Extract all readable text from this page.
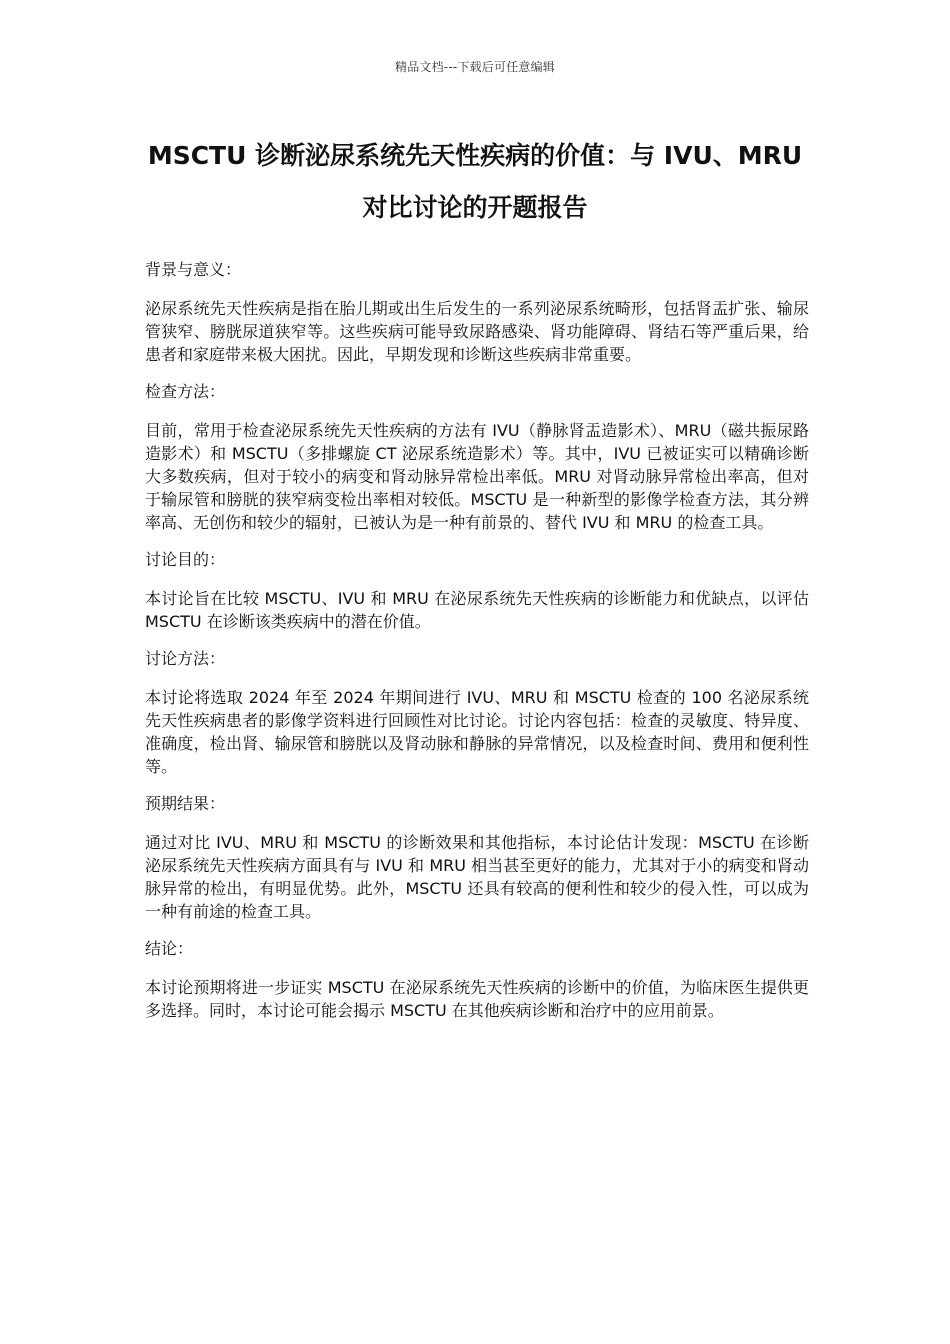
精品文档---下载后可任意编辑
MSCTU 诊断泌尿系统先天性疾病的价值：与 IVU、MRU
对比讨论的开题报告

背景与意义：

泌尿系统先天性疾病是指在胎儿期或出生后发生的一系列泌尿系统畸形，包括肾盂扩张、输尿管狭窄、膀胱尿道狭窄等。这些疾病可能导致尿路感染、肾功能障碍、肾结石等严重后果，给患者和家庭带来极大困扰。因此，早期发现和诊断这些疾病非常重要。

检查方法：

目前，常用于检查泌尿系统先天性疾病的方法有 IVU（静脉肾盂造影术）、MRU（磁共振尿路造影术）和 MSCTU（多排螺旋 CT 泌尿系统造影术）等。其中，IVU 已被证实可以精确诊断大多数疾病，但对于较小的病变和肾动脉异常检出率低。MRU 对肾动脉异常检出率高，但对于输尿管和膀胱的狭窄病变检出率相对较低。MSCTU 是一种新型的影像学检查方法，其分辨率高、无创伤和较少的辐射，已被认为是一种有前景的、替代 IVU 和 MRU 的检查工具。

讨论目的：

本讨论旨在比较 MSCTU、IVU 和 MRU 在泌尿系统先天性疾病的诊断能力和优缺点，以评估 MSCTU 在诊断该类疾病中的潜在价值。

讨论方法：

本讨论将选取 2024 年至 2024 年期间进行 IVU、MRU 和 MSCTU 检查的 100 名泌尿系统先天性疾病患者的影像学资料进行回顾性对比讨论。讨论内容包括：检查的灵敏度、特异度、准确度，检出肾、输尿管和膀胱以及肾动脉和静脉的异常情况，以及检查时间、费用和便利性等。

预期结果：

通过对比 IVU、MRU 和 MSCTU 的诊断效果和其他指标，本讨论估计发现：MSCTU 在诊断泌尿系统先天性疾病方面具有与 IVU 和 MRU 相当甚至更好的能力，尤其对于小的病变和肾动脉异常的检出，有明显优势。此外，MSCTU 还具有较高的便利性和较少的侵入性，可以成为一种有前途的检查工具。

结论：

本讨论预期将进一步证实 MSCTU 在泌尿系统先天性疾病的诊断中的价值，为临床医生提供更多选择。同时，本讨论可能会揭示 MSCTU 在其他疾病诊断和治疗中的应用前景。
